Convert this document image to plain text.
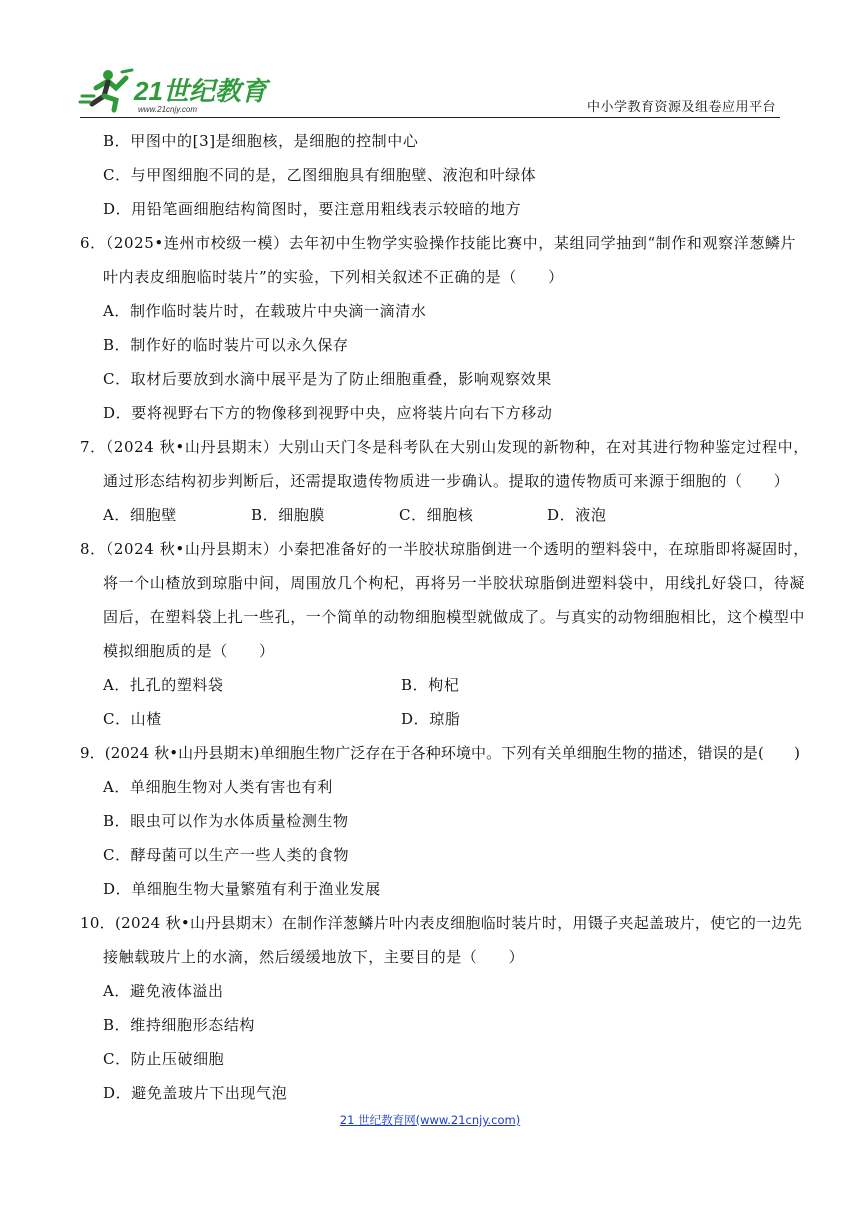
21世纪教育
www.21cnjy.com	中小学教育资源及组卷应用平台
B．甲图中的[3]是细胞核，是细胞的控制中心
C．与甲图细胞不同的是，乙图细胞具有细胞壁、液泡和叶绿体
D．用铅笔画细胞结构简图时，要注意用粗线表示较暗的地方
6．（2025•连州市校级一模）去年初中生物学实验操作技能比赛中，某组同学抽到“制作和观察洋葱鳞片
叶内表皮细胞临时装片”的实验，下列相关叙述不正确的是（　　）
A．制作临时装片时，在载玻片中央滴一滴清水
B．制作好的临时装片可以永久保存
C．取材后要放到水滴中展平是为了防止细胞重叠，影响观察效果
D．要将视野右下方的物像移到视野中央，应将装片向右下方移动
7．（2024 秋•山丹县期末）大别山天门冬是科考队在大别山发现的新物种，在对其进行物种鉴定过程中，
通过形态结构初步判断后，还需提取遗传物质进一步确认。提取的遗传物质可来源于细胞的（　　）
A．细胞壁	B．细胞膜	C．细胞核	D．液泡
8．（2024 秋•山丹县期末）小秦把准备好的一半胶状琼脂倒进一个透明的塑料袋中，在琼脂即将凝固时，
将一个山楂放到琼脂中间，周围放几个枸杞，再将另一半胶状琼脂倒进塑料袋中，用线扎好袋口，待凝
固后，在塑料袋上扎一些孔，一个简单的动物细胞模型就做成了。与真实的动物细胞相比，这个模型中
模拟细胞质的是（　　）
A．扎孔的塑料袋	B．枸杞
C．山楂	D．琼脂
9．(2024 秋•山丹县期末)单细胞生物广泛存在于各种环境中。下列有关单细胞生物的描述，错误的是(　　)
A．单细胞生物对人类有害也有利
B．眼虫可以作为水体质量检测生物
C．酵母菌可以生产一些人类的食物
D．单细胞生物大量繁殖有利于渔业发展
10．(2024 秋•山丹县期末）在制作洋葱鳞片叶内表皮细胞临时装片时，用镊子夹起盖玻片，使它的一边先
接触载玻片上的水滴，然后缓缓地放下，主要目的是（　　）
A．避免液体溢出
B．维持细胞形态结构
C．防止压破细胞
D．避免盖玻片下出现气泡
21 世纪教育网(www.21cnjy.com)
